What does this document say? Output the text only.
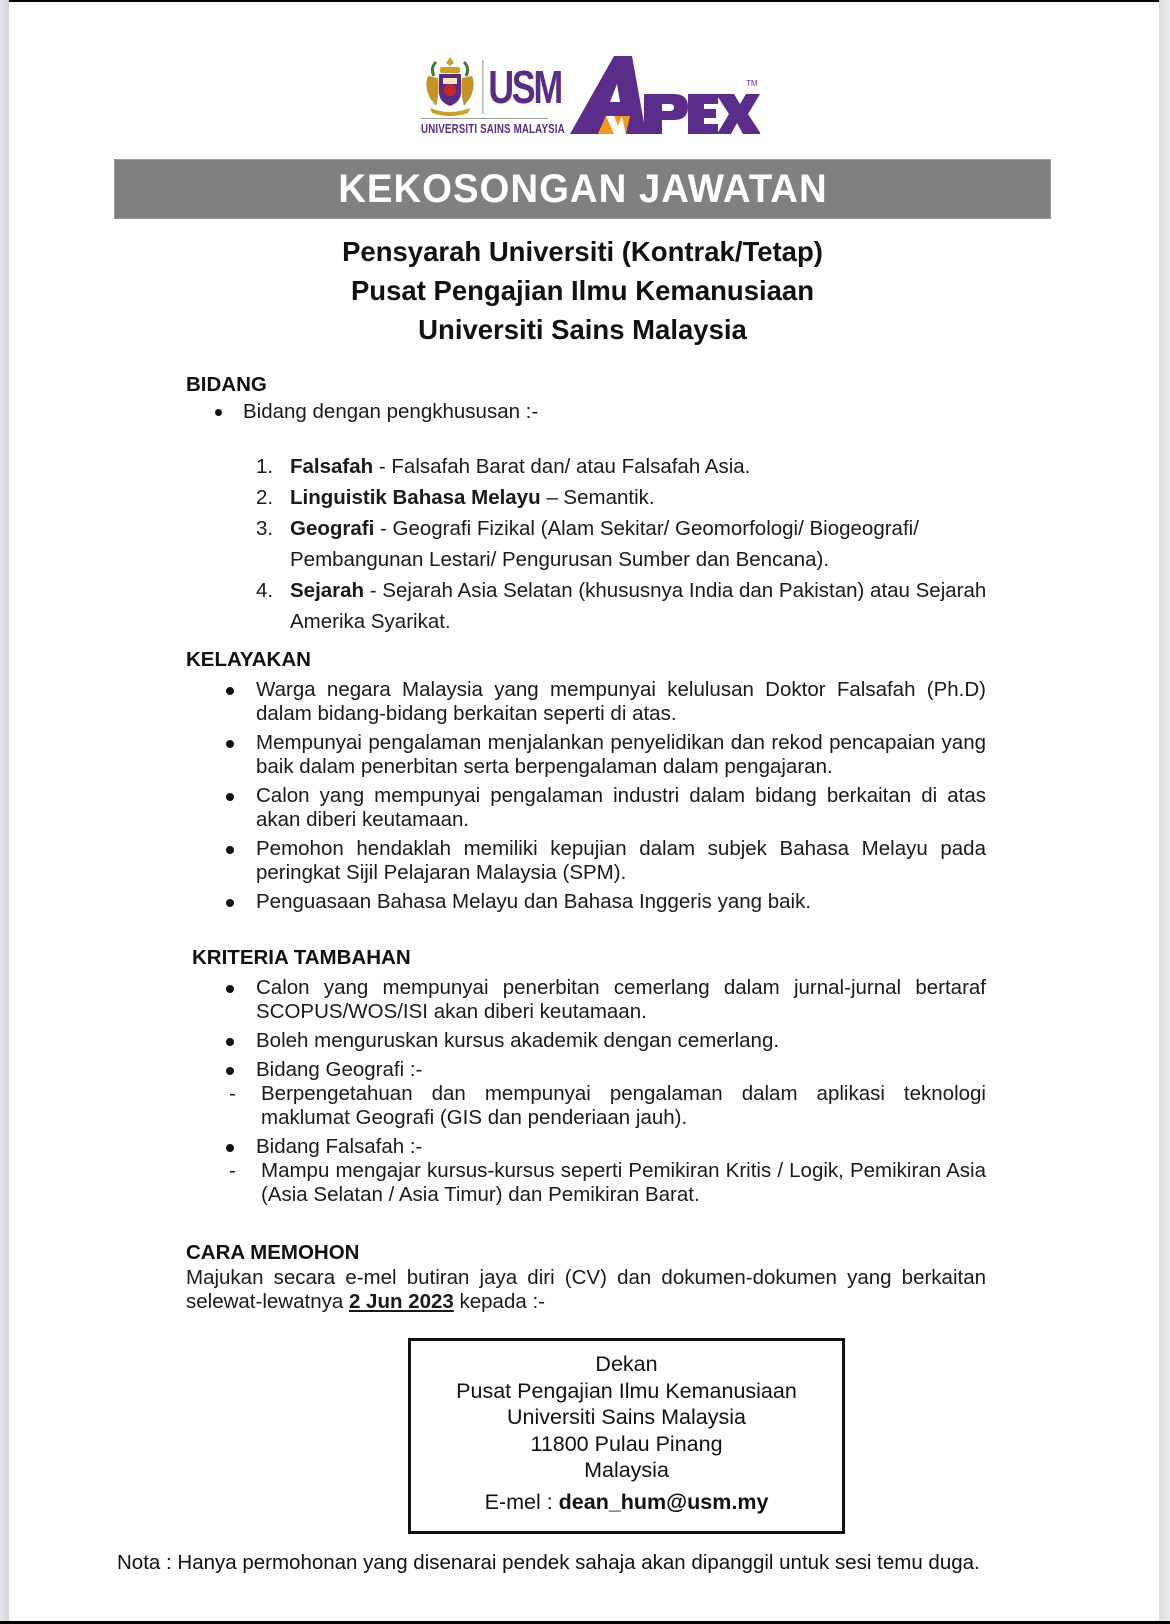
USM
UNIVERSITI SAINS MALAYSIA
TM
KEKOSONGAN JAWATAN
Pensyarah Universiti (Kontrak/Tetap)
Pusat Pengajian Ilmu Kemanusiaan
Universiti Sains Malaysia
BIDANG
Bidang dengan pengkhususan :-
1. Falsafah - Falsafah Barat dan/ atau Falsafah Asia.
2. Linguistik Bahasa Melayu – Semantik.
3. Geografi - Geografi Fizikal (Alam Sekitar/ Geomorfologi/ Biogeografi/ Pembangunan Lestari/ Pengurusan Sumber dan Bencana).
4. Sejarah - Sejarah Asia Selatan (khususnya India dan Pakistan) atau Sejarah Amerika Syarikat.
KELAYAKAN
Warga negara Malaysia yang mempunyai kelulusan Doktor Falsafah (Ph.D) dalam bidang-bidang berkaitan seperti di atas.
Mempunyai pengalaman menjalankan penyelidikan dan rekod pencapaian yang baik dalam penerbitan serta berpengalaman dalam pengajaran.
Calon yang mempunyai pengalaman industri dalam bidang berkaitan di atas akan diberi keutamaan.
Pemohon hendaklah memiliki kepujian dalam subjek Bahasa Melayu pada peringkat Sijil Pelajaran Malaysia (SPM).
Penguasaan Bahasa Melayu dan Bahasa Inggeris yang baik.
KRITERIA TAMBAHAN
Calon yang mempunyai penerbitan cemerlang dalam jurnal-jurnal bertaraf SCOPUS/WOS/ISI akan diberi keutamaan.
Boleh menguruskan kursus akademik dengan cemerlang.
Bidang Geografi :-
- Berpengetahuan dan mempunyai pengalaman dalam aplikasi teknologi maklumat Geografi (GIS dan penderiaan jauh).
Bidang Falsafah :-
- Mampu mengajar kursus-kursus seperti Pemikiran Kritis / Logik, Pemikiran Asia (Asia Selatan / Asia Timur) dan Pemikiran Barat.
CARA MEMOHON
Majukan secara e-mel butiran jaya diri (CV) dan dokumen-dokumen yang berkaitan selewat-lewatnya 2 Jun 2023 kepada :-
Dekan
Pusat Pengajian Ilmu Kemanusiaan
Universiti Sains Malaysia
11800 Pulau Pinang
Malaysia
E-mel : dean_hum@usm.my
Nota : Hanya permohonan yang disenarai pendek sahaja akan dipanggil untuk sesi temu duga.
